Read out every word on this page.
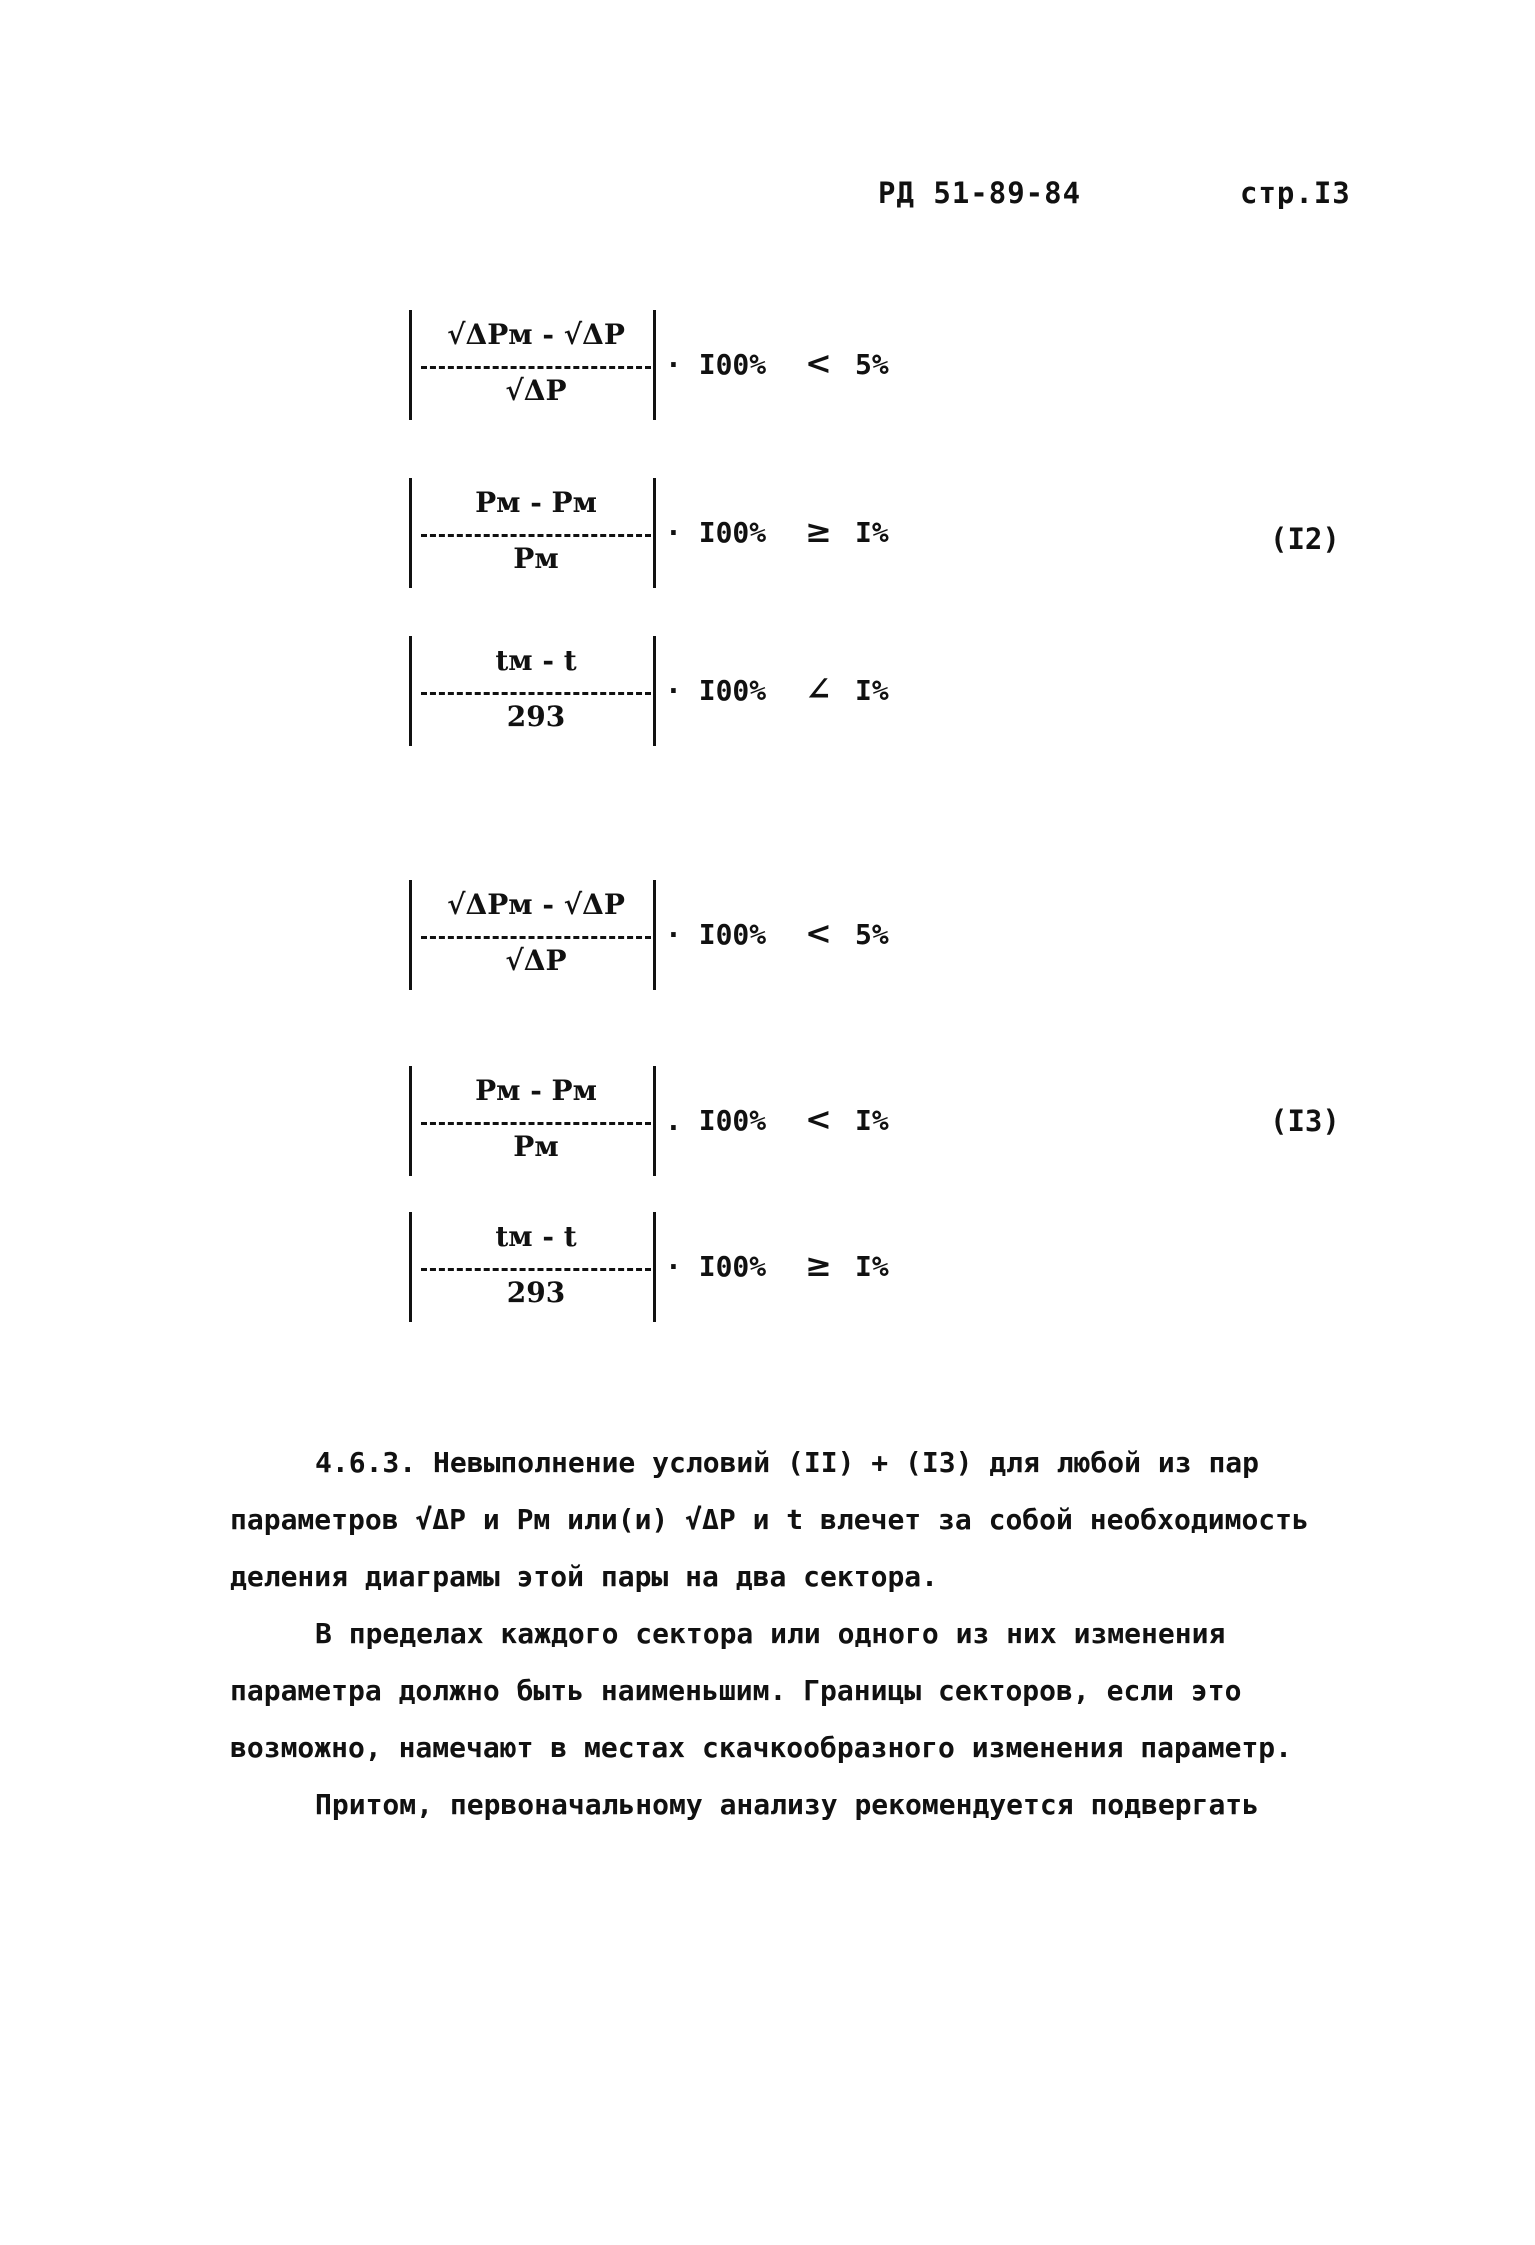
РД 51-89-84	стр.I3
√ΔPм - √ΔP
√ΔP
· I00% < 5%
Pм - Pм
Pм
· I00% ≥ I%
tм - t
293
· I00% ∠ I%
(I2)
√ΔPм - √ΔP
√ΔP
· I00% < 5%
Pм - Pм
Pм
. I00% < I%
tм - t
293
· I00% ≥ I%
(I3)

4.6.3. Невыполнение условий (II) + (I3) для любой из пар параметров √ΔP и Pм или(и) √ΔP и t влечет за собой необходимость деления диаграмы этой пары на два сектора.

В пределах каждого сектора или одного из них изменения параметра должно быть наименьшим. Границы секторов, если это возможно, намечают в местах скачкообразного изменения параметр.

Притом, первоначальному анализу рекомендуется подвергать
